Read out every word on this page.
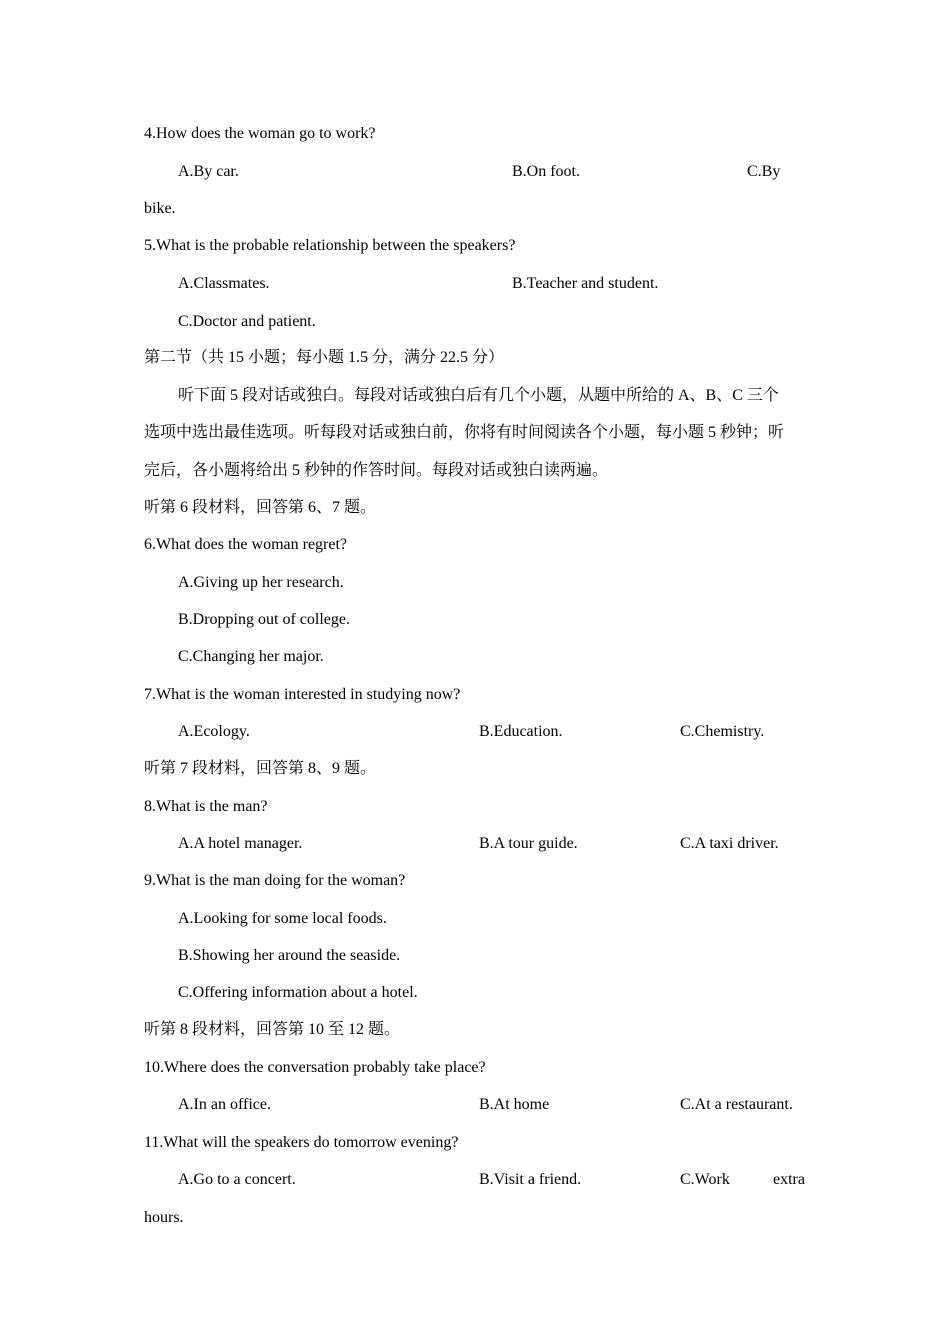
4.How does the woman go to work?
A.By car.	B.On foot.	C.By
bike.
5.What is the probable relationship between the speakers?
A.Classmates.	B.Teacher and student.
C.Doctor and patient.
第二节（共 15 小题；每小题 1.5 分，满分 22.5 分）
听下面 5 段对话或独白。每段对话或独白后有几个小题，从题中所给的 A、B、C 三个
选项中选出最佳选项。听每段对话或独白前，你将有时间阅读各个小题，每小题 5 秒钟；听
完后，各小题将给出 5 秒钟的作答时间。每段对话或独白读两遍。
听第 6 段材料，回答第 6、7 题。
6.What does the woman regret?
A.Giving up her research.
B.Dropping out of college.
C.Changing her major.
7.What is the woman interested in studying now?
A.Ecology.	B.Education.	C.Chemistry.
听第 7 段材料，回答第 8、9 题。
8.What is the man?
A.A hotel manager.	B.A tour guide.	C.A taxi driver.
9.What is the man doing for the woman?
A.Looking for some local foods.
B.Showing her around the seaside.
C.Offering information about a hotel.
听第 8 段材料，回答第 10 至 12 题。
10.Where does the conversation probably take place?
A.In an office.	B.At home	C.At a restaurant.
11.What will the speakers do tomorrow evening?
A.Go to a concert.	B.Visit a friend.	C.Work	extra
hours.
